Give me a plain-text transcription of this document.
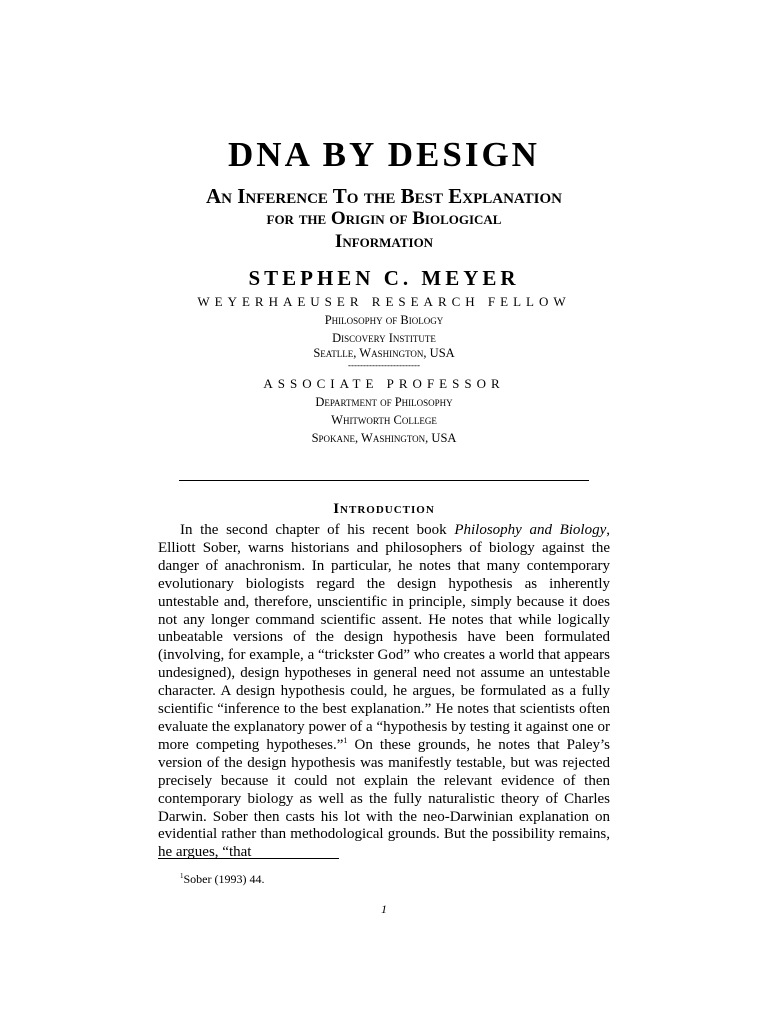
DNA BY DESIGN
An Inference To the Best Explanation
for the Origin of Biological
Information
STEPHEN C. MEYER
WEYERHAEUSER RESEARCH FELLOW
Philosophy of Biology
Discovery Institute
Seatlle, Washington, USA
------------------------
ASSOCIATE PROFESSOR
Department of Philosophy
Whitworth College
Spokane, Washington, USA
Introduction

In the second chapter of his recent book Philosophy and Biology, Elliott Sober, warns historians and philosophers of biology against the danger of anachronism. In particular, he notes that many contemporary evolutionary biologists regard the design hypothesis as inherently untestable and, therefore, unscientific in principle, simply because it does not any longer command scientific assent. He notes that while logically unbeatable versions of the design hypothesis have been formulated (involving, for example, a “trickster God” who creates a world that appears undesigned), design hypotheses in general need not assume an untestable character. A design hypothesis could, he argues, be formulated as a fully scientific “inference to the best explanation.” He notes that scientists often evaluate the explanatory power of a “hypothesis by testing it against one or more competing hypotheses.”$^1$ On these grounds, he notes that Paley’s version of the design hypothesis was manifestly testable, but was rejected precisely because it could not explain the relevant evidence of then contemporary biology as well as the fully naturalistic theory of Charles Darwin. Sober then casts his lot with the neo-Darwinian explanation on evidential rather than methodological grounds. But the possibility remains, he argues, “that

$^1$Sober (1993) 44.
1
